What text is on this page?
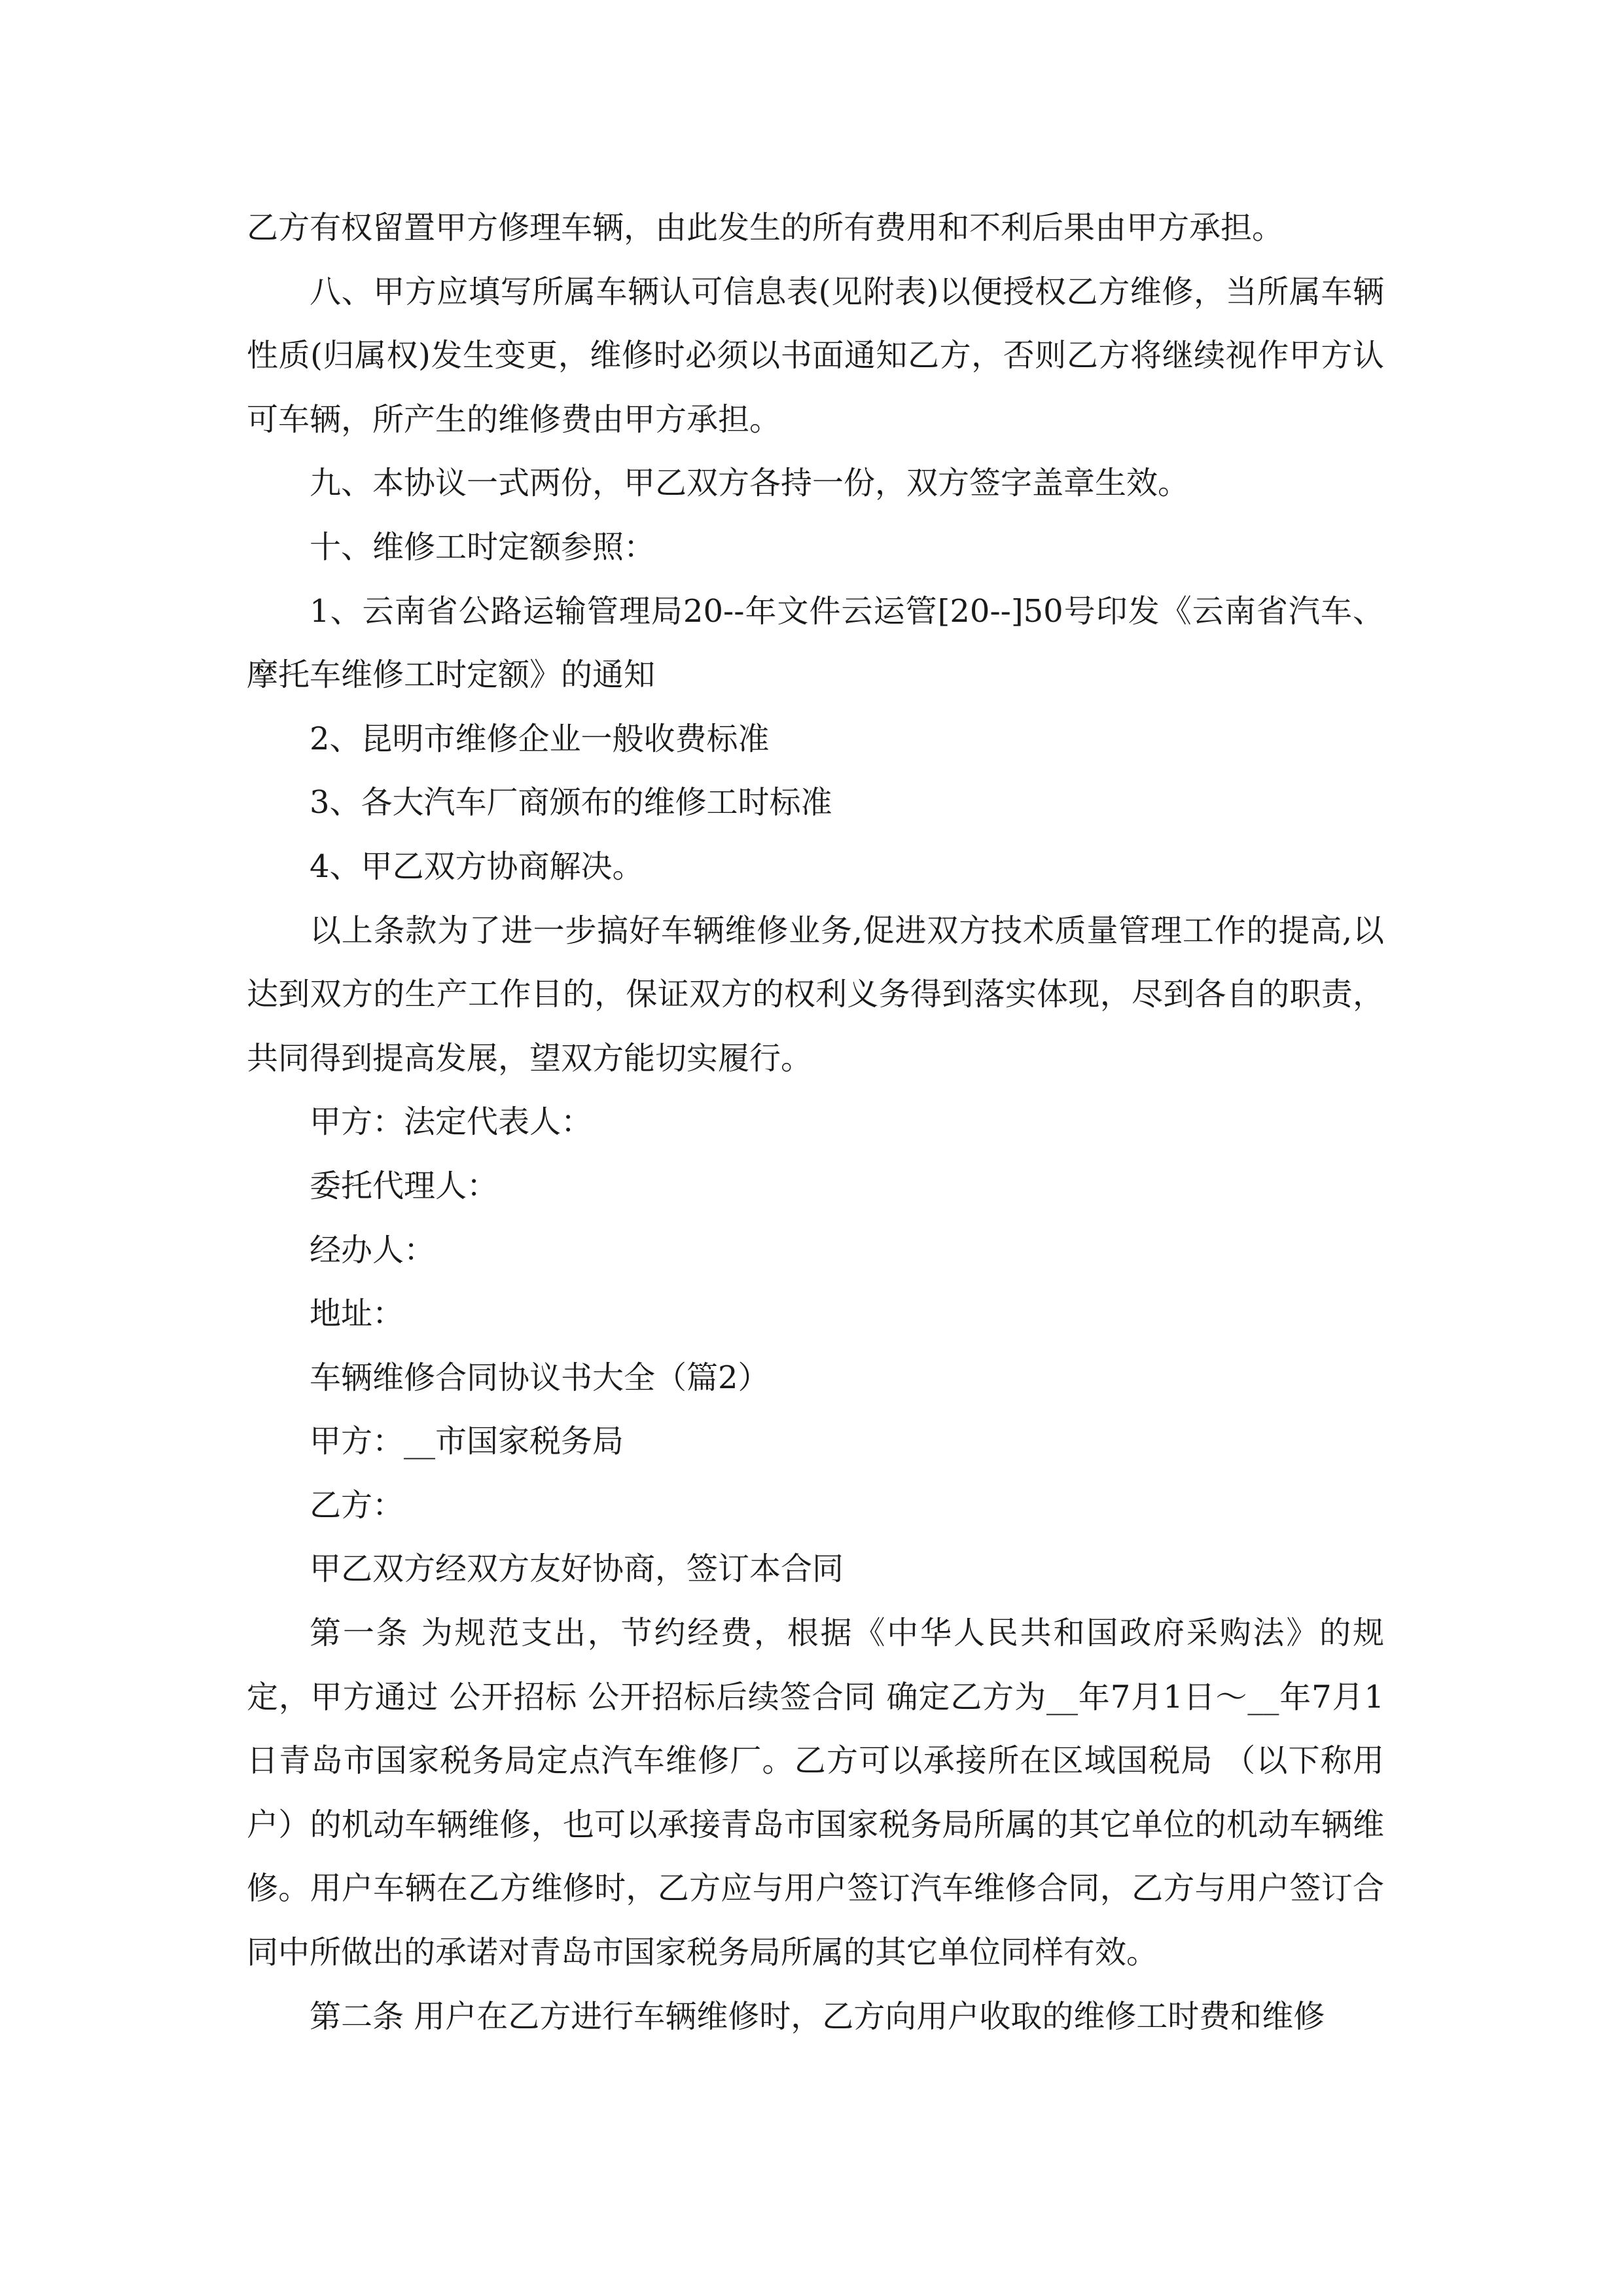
乙方有权留置甲方修理车辆，由此发生的所有费用和不利后果由甲方承担。

八、甲方应填写所属车辆认可信息表(见附表)以便授权乙方维修，当所属车辆性质(归属权)发生变更，维修时必须以书面通知乙方，否则乙方将继续视作甲方认可车辆，所产生的维修费由甲方承担。

九、本协议一式两份，甲乙双方各持一份，双方签字盖章生效。

十、维修工时定额参照：

1、云南省公路运输管理局20--年文件云运管[20--]50号印发《云南省汽车、摩托车维修工时定额》的通知

2、昆明市维修企业一般收费标准

3、各大汽车厂商颁布的维修工时标准

4、甲乙双方协商解决。

以上条款为了进一步搞好车辆维修业务,促进双方技术质量管理工作的提高,以达到双方的生产工作目的，保证双方的权利义务得到落实体现，尽到各自的职责，共同得到提高发展，望双方能切实履行。

甲方：法定代表人：

委托代理人：

经办人：

地址：

车辆维修合同协议书大全（篇2）

甲方：__市国家税务局

乙方：

甲乙双方经双方友好协商，签订本合同

第一条 为规范支出，节约经费，根据《中华人民共和国政府采购法》的规定，甲方通过 公开招标 公开招标后续签合同 确定乙方为__年7月1日～__年7月1日青岛市国家税务局定点汽车维修厂。乙方可以承接所在区域国税局 （以下称用户）的机动车辆维修，也可以承接青岛市国家税务局所属的其它单位的机动车辆维修。用户车辆在乙方维修时，乙方应与用户签订汽车维修合同，乙方与用户签订合同中所做出的承诺对青岛市国家税务局所属的其它单位同样有效。

第二条 用户在乙方进行车辆维修时，乙方向用户收取的维修工时费和维修
